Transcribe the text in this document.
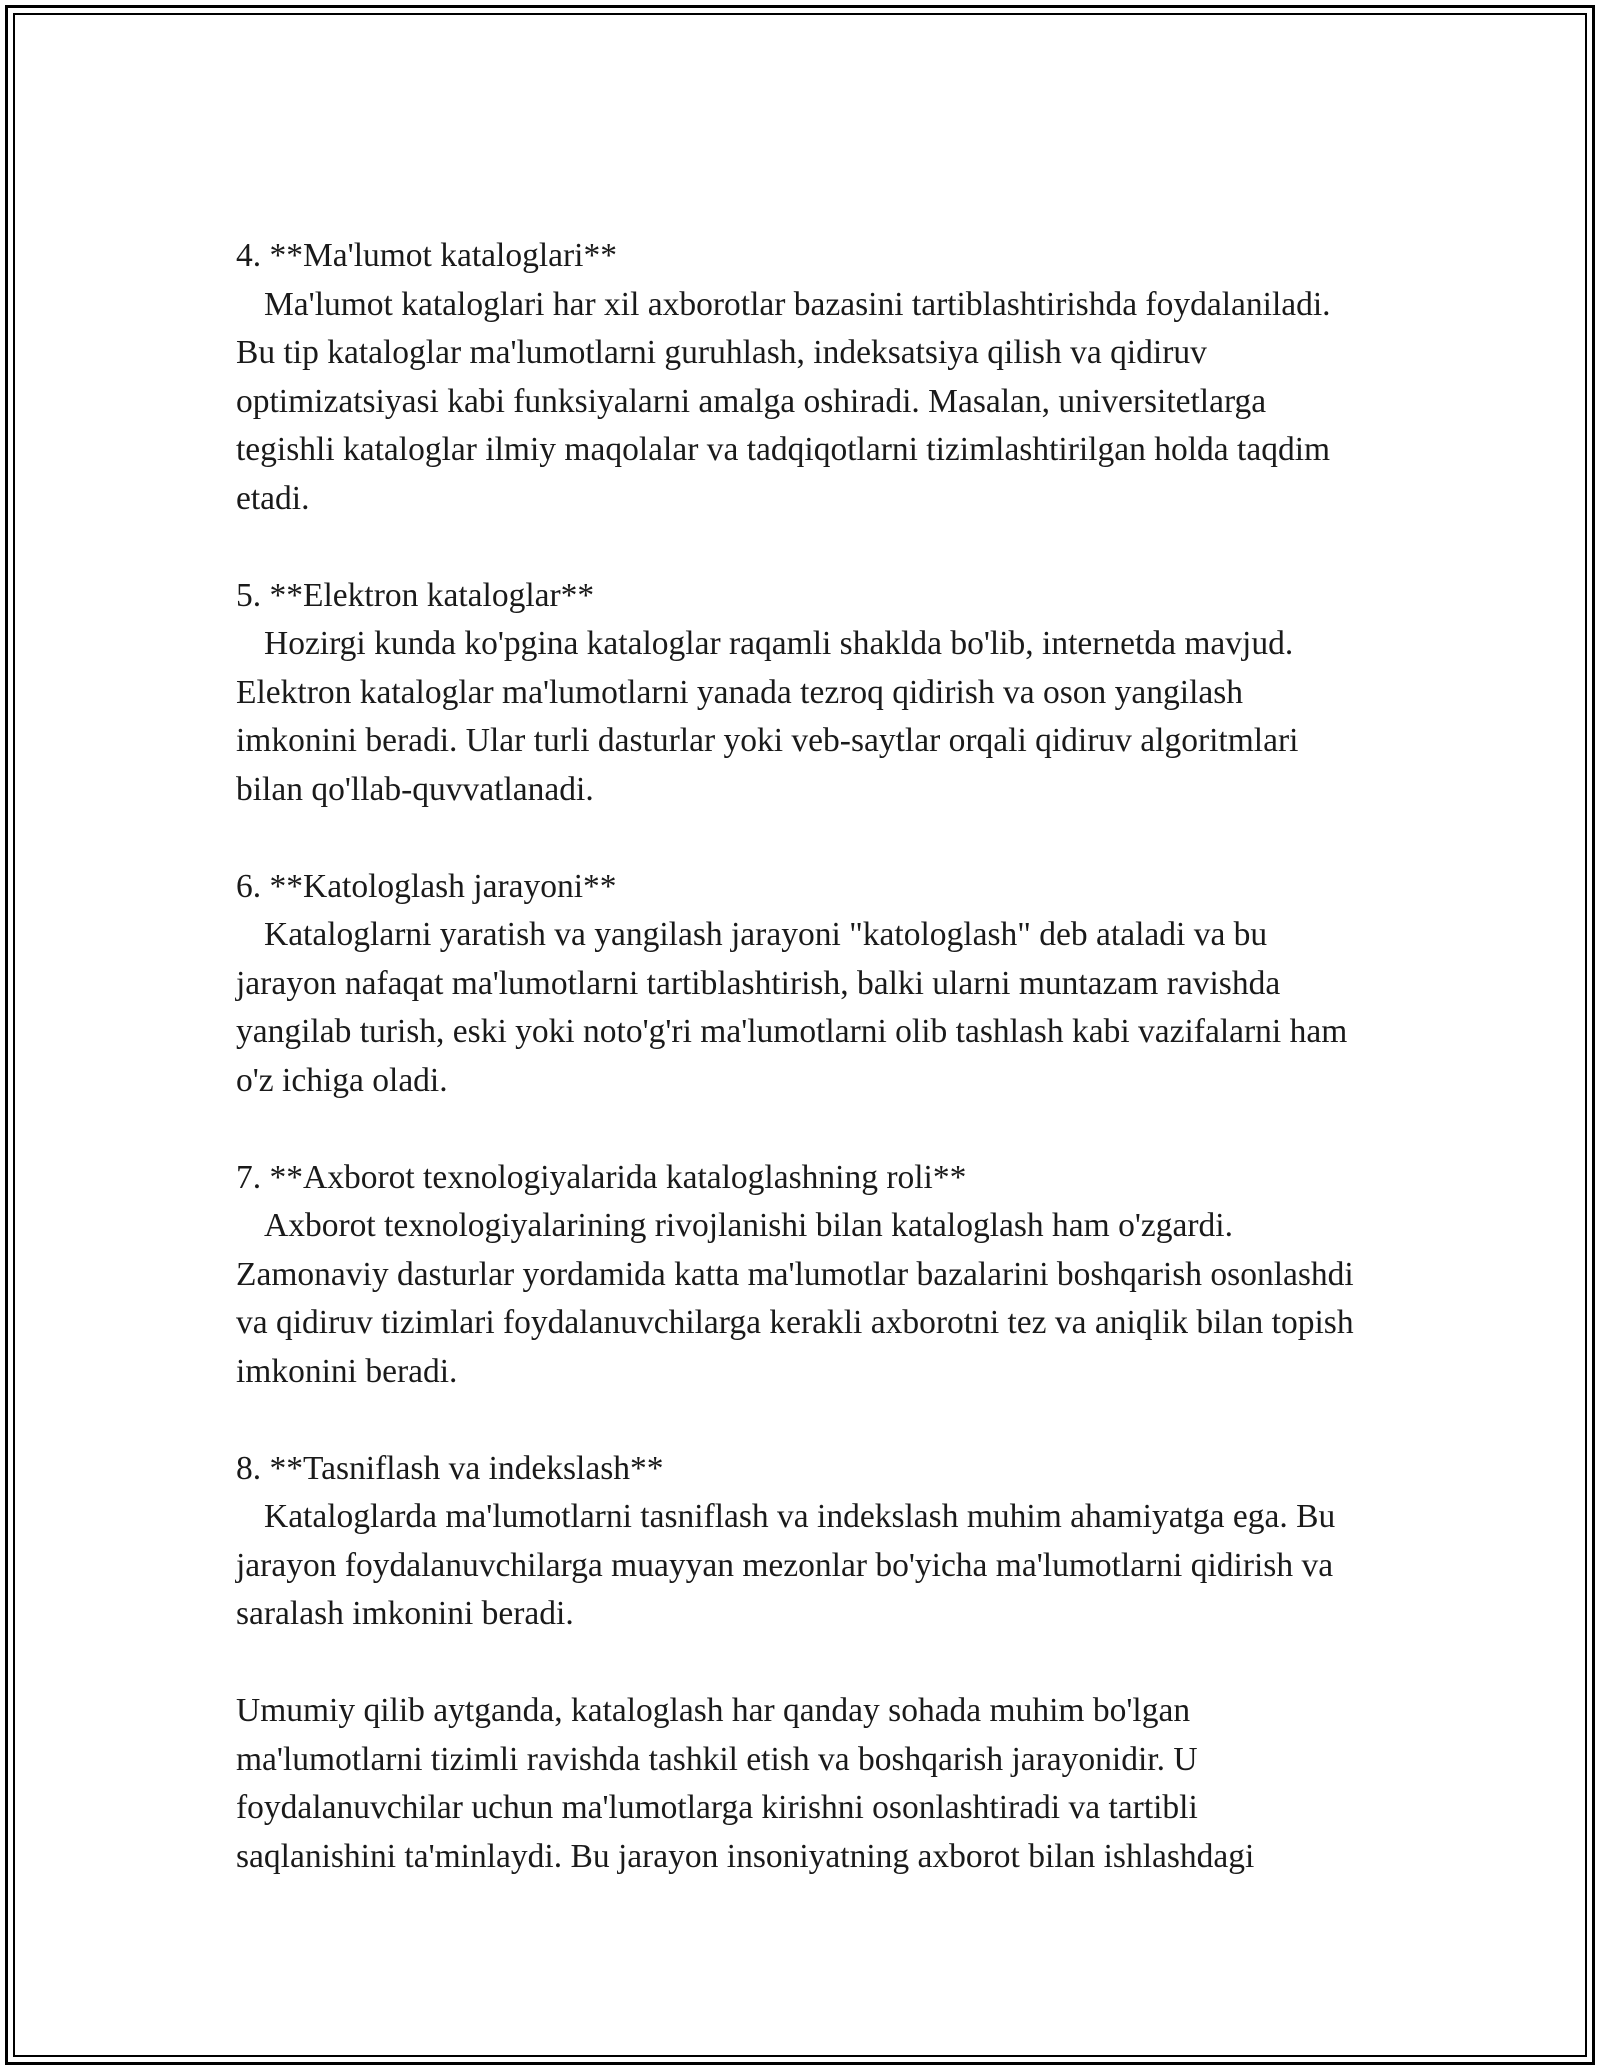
4. **Ma'lumot kataloglari**

Ma'lumot kataloglari har xil axborotlar bazasini tartiblashtirishda foydalaniladi. Bu tip kataloglar ma'lumotlarni guruhlash, indeksatsiya qilish va qidiruv optimizatsiyasi kabi funksiyalarni amalga oshiradi. Masalan, universitetlarga tegishli kataloglar ilmiy maqolalar va tadqiqotlarni tizimlashtirilgan holda taqdim etadi.

5. **Elektron kataloglar**

Hozirgi kunda ko'pgina kataloglar raqamli shaklda bo'lib, internetda mavjud. Elektron kataloglar ma'lumotlarni yanada tezroq qidirish va oson yangilash imkonini beradi. Ular turli dasturlar yoki veb-saytlar orqali qidiruv algoritmlari bilan qo'llab-quvvatlanadi.

6. **Katologlash jarayoni**

Kataloglarni yaratish va yangilash jarayoni "katologlash" deb ataladi va bu jarayon nafaqat ma'lumotlarni tartiblashtirish, balki ularni muntazam ravishda yangilab turish, eski yoki noto'g'ri ma'lumotlarni olib tashlash kabi vazifalarni ham o'z ichiga oladi.

7. **Axborot texnologiyalarida kataloglashning roli**

Axborot texnologiyalarining rivojlanishi bilan kataloglash ham o'zgardi. Zamonaviy dasturlar yordamida katta ma'lumotlar bazalarini boshqarish osonlashdi va qidiruv tizimlari foydalanuvchilarga kerakli axborotni tez va aniqlik bilan topish imkonini beradi.

8. **Tasniflash va indekslash**

Kataloglarda ma'lumotlarni tasniflash va indekslash muhim ahamiyatga ega. Bu jarayon foydalanuvchilarga muayyan mezonlar bo'yicha ma'lumotlarni qidirish va saralash imkonini beradi.

Umumiy qilib aytganda, kataloglash har qanday sohada muhim bo'lgan ma'lumotlarni tizimli ravishda tashkil etish va boshqarish jarayonidir. U foydalanuvchilar uchun ma'lumotlarga kirishni osonlashtiradi va tartibli saqlanishini ta'minlaydi. Bu jarayon insoniyatning axborot bilan ishlashdagi
